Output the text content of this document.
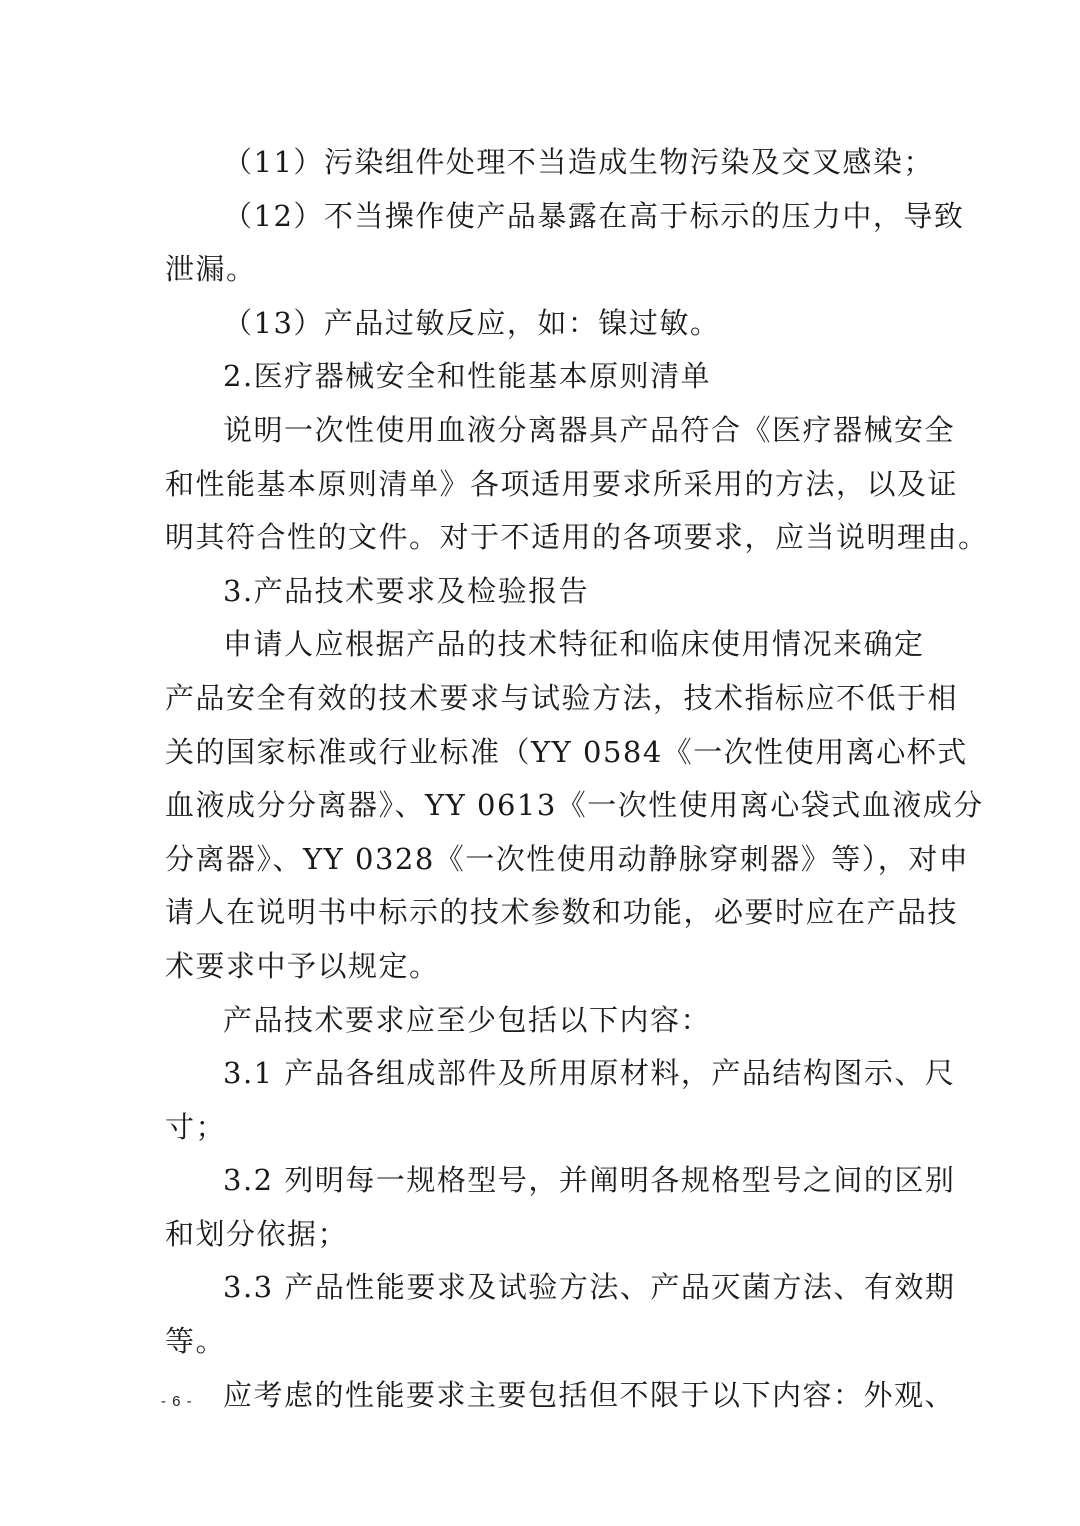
（11）污染组件处理不当造成生物污染及交叉感染；
（12）不当操作使产品暴露在高于标示的压力中，导致
泄漏。
（13）产品过敏反应，如：镍过敏。
2.医疗器械安全和性能基本原则清单
说明一次性使用血液分离器具产品符合《医疗器械安全
和性能基本原则清单》各项适用要求所采用的方法，以及证
明其符合性的文件。对于不适用的各项要求，应当说明理由。
3.产品技术要求及检验报告
申请人应根据产品的技术特征和临床使用情况来确定
产品安全有效的技术要求与试验方法，技术指标应不低于相
关的国家标准或行业标准（YY 0584《一次性使用离心杯式
血液成分分离器》、YY 0613《一次性使用离心袋式血液成分
分离器》、YY 0328《一次性使用动静脉穿刺器》等），对申
请人在说明书中标示的技术参数和功能，必要时应在产品技
术要求中予以规定。
产品技术要求应至少包括以下内容：
3.1 产品各组成部件及所用原材料，产品结构图示、尺
寸；
3.2 列明每一规格型号，并阐明各规格型号之间的区别
和划分依据；
3.3 产品性能要求及试验方法、产品灭菌方法、有效期
等。
应考虑的性能要求主要包括但不限于以下内容：外观、
- 6 -
